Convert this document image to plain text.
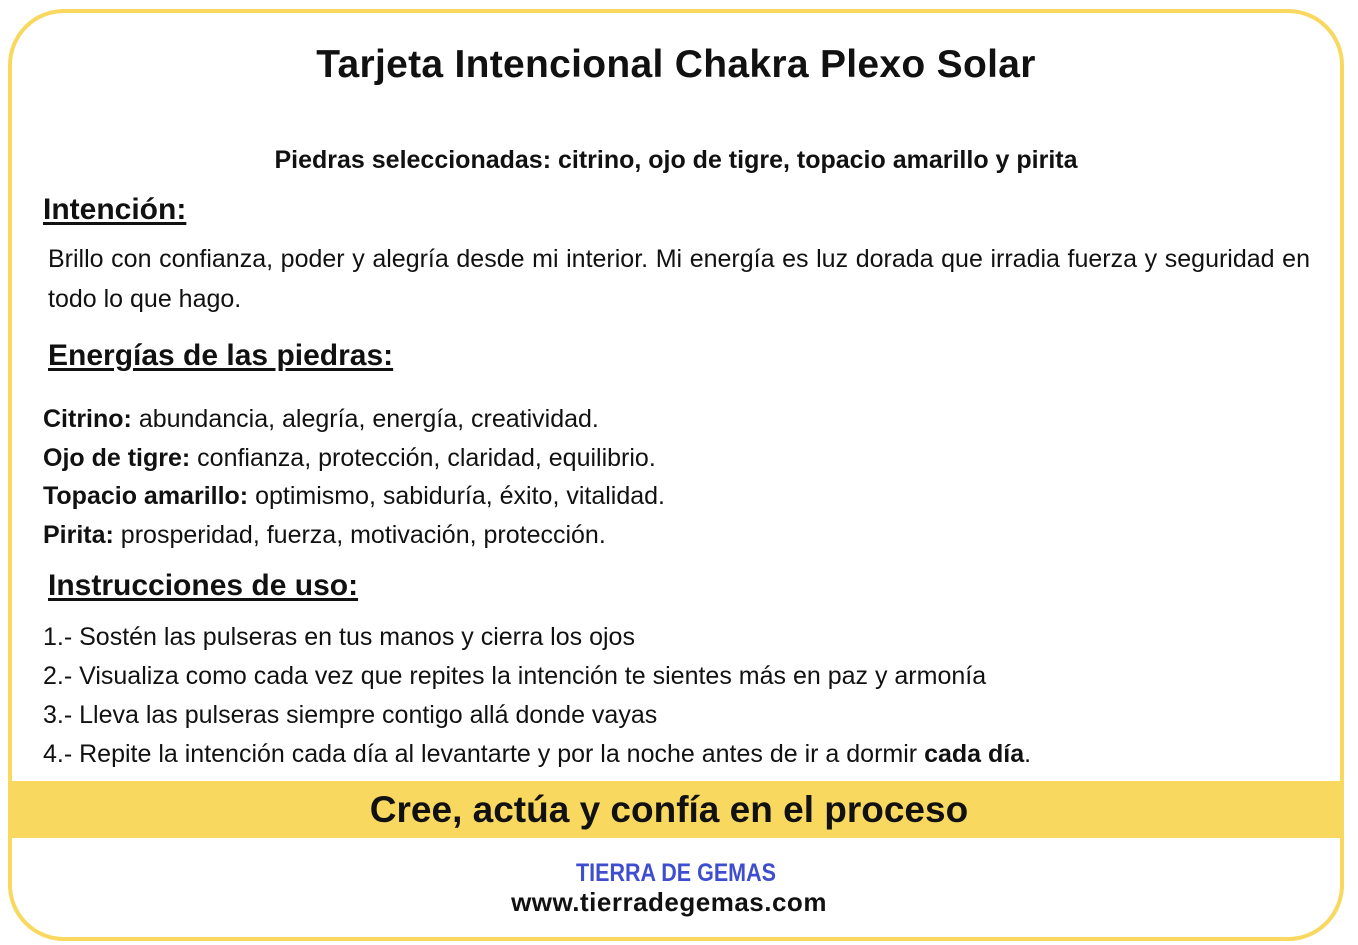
Tarjeta Intencional Chakra Plexo Solar
Piedras seleccionadas: citrino, ojo de tigre, topacio amarillo y pirita
Intención:
Brillo con confianza, poder y alegría desde mi interior. Mi energía es luz dorada que irradia fuerza y seguridad en todo lo que hago.
Energías de las piedras:
Citrino: abundancia, alegría, energía, creatividad.
Ojo de tigre: confianza, protección, claridad, equilibrio.
Topacio amarillo: optimismo, sabiduría, éxito, vitalidad.
Pirita: prosperidad, fuerza, motivación, protección.
Instrucciones de uso:
1.- Sostén las pulseras en tus manos y cierra los ojos
2.- Visualiza como cada vez que repites la intención te sientes más en paz y armonía
3.- Lleva las pulseras siempre contigo allá donde vayas
4.- Repite la intención cada día al levantarte y por la noche antes de ir a dormir cada día.
Cree, actúa y confía en el proceso
TIERRA DE GEMAS
www.tierradegemas.com
